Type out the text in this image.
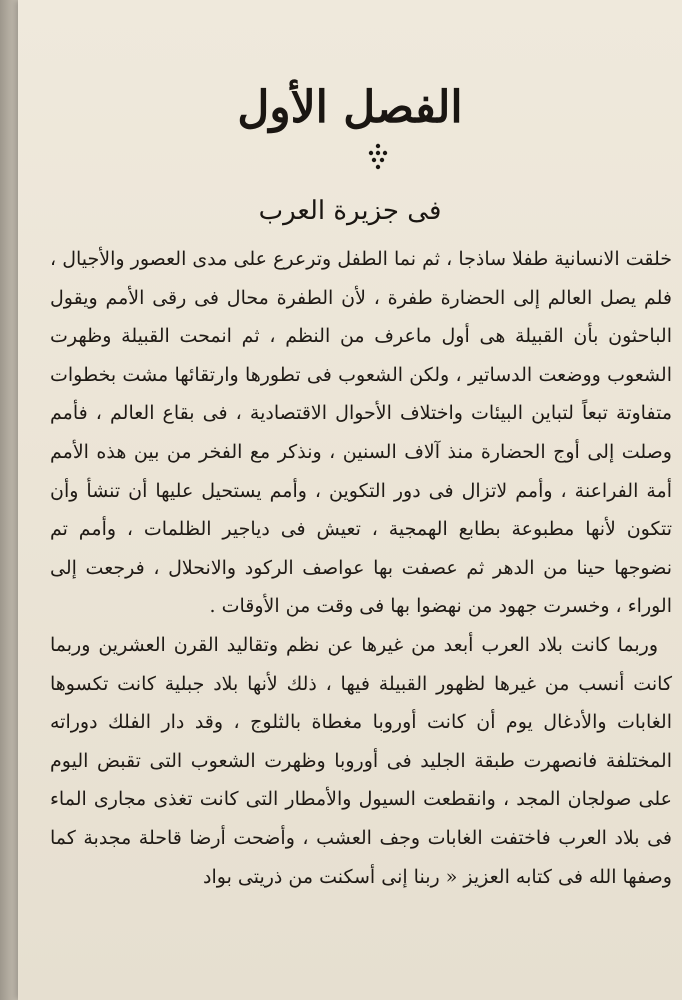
الفصل الأول
فى جزيرة العرب

خلقت الانسانية طفلا ساذجا ، ثم نما الطفل وترعرع على مدى العصور والأجيال ، فلم يصل العالم إلى الحضارة طفرة ، لأن الطفرة محال فى رقى الأمم ويقول الباحثون بأن القبيلة هى أول ماعرف من النظم ، ثم انمحت القبيلة وظهرت الشعوب ووضعت الدساتير ، ولكن الشعوب فى تطورها وارتقائها مشت بخطوات متفاوتة تبعاً لتباين البيئات واختلاف الأحوال الاقتصادية ، فى بقاع العالم ، فأمم وصلت إلى أوج الحضارة منذ آلاف السنين ، ونذكر مع الفخر من بين هذه الأمم أمة الفراعنة ، وأمم لاتزال فى دور التكوين ، وأمم يستحيل عليها أن تنشأ وأن تتكون لأنها مطبوعة بطابع الهمجية ، تعيش فى دياجير الظلمات ، وأمم تم نضوجها حينا من الدهر ثم عصفت بها عواصف الركود والانحلال ، فرجعت إلى الوراء ، وخسرت جهود من نهضوا بها فى وقت من الأوقات .

وربما كانت بلاد العرب أبعد من غيرها عن نظم وتقاليد القرن العشرين وربما كانت أنسب من غيرها لظهور القبيلة فيها ، ذلك لأنها بلاد جبلية كانت تكسوها الغابات والأدغال يوم أن كانت أوروبا مغطاة بالثلوج ، وقد دار الفلك دوراته المختلفة فانصهرت طبقة الجليد فى أوروبا وظهرت الشعوب التى تقبض اليوم على صولجان المجد ، وانقطعت السيول والأمطار التى كانت تغذى مجارى الماء فى بلاد العرب فاختفت الغابات وجف العشب ، وأضحت أرضا قاحلة مجدبة كما وصفها الله فى كتابه العزيز « ربنا إنى أسكنت من ذريتى بواد
